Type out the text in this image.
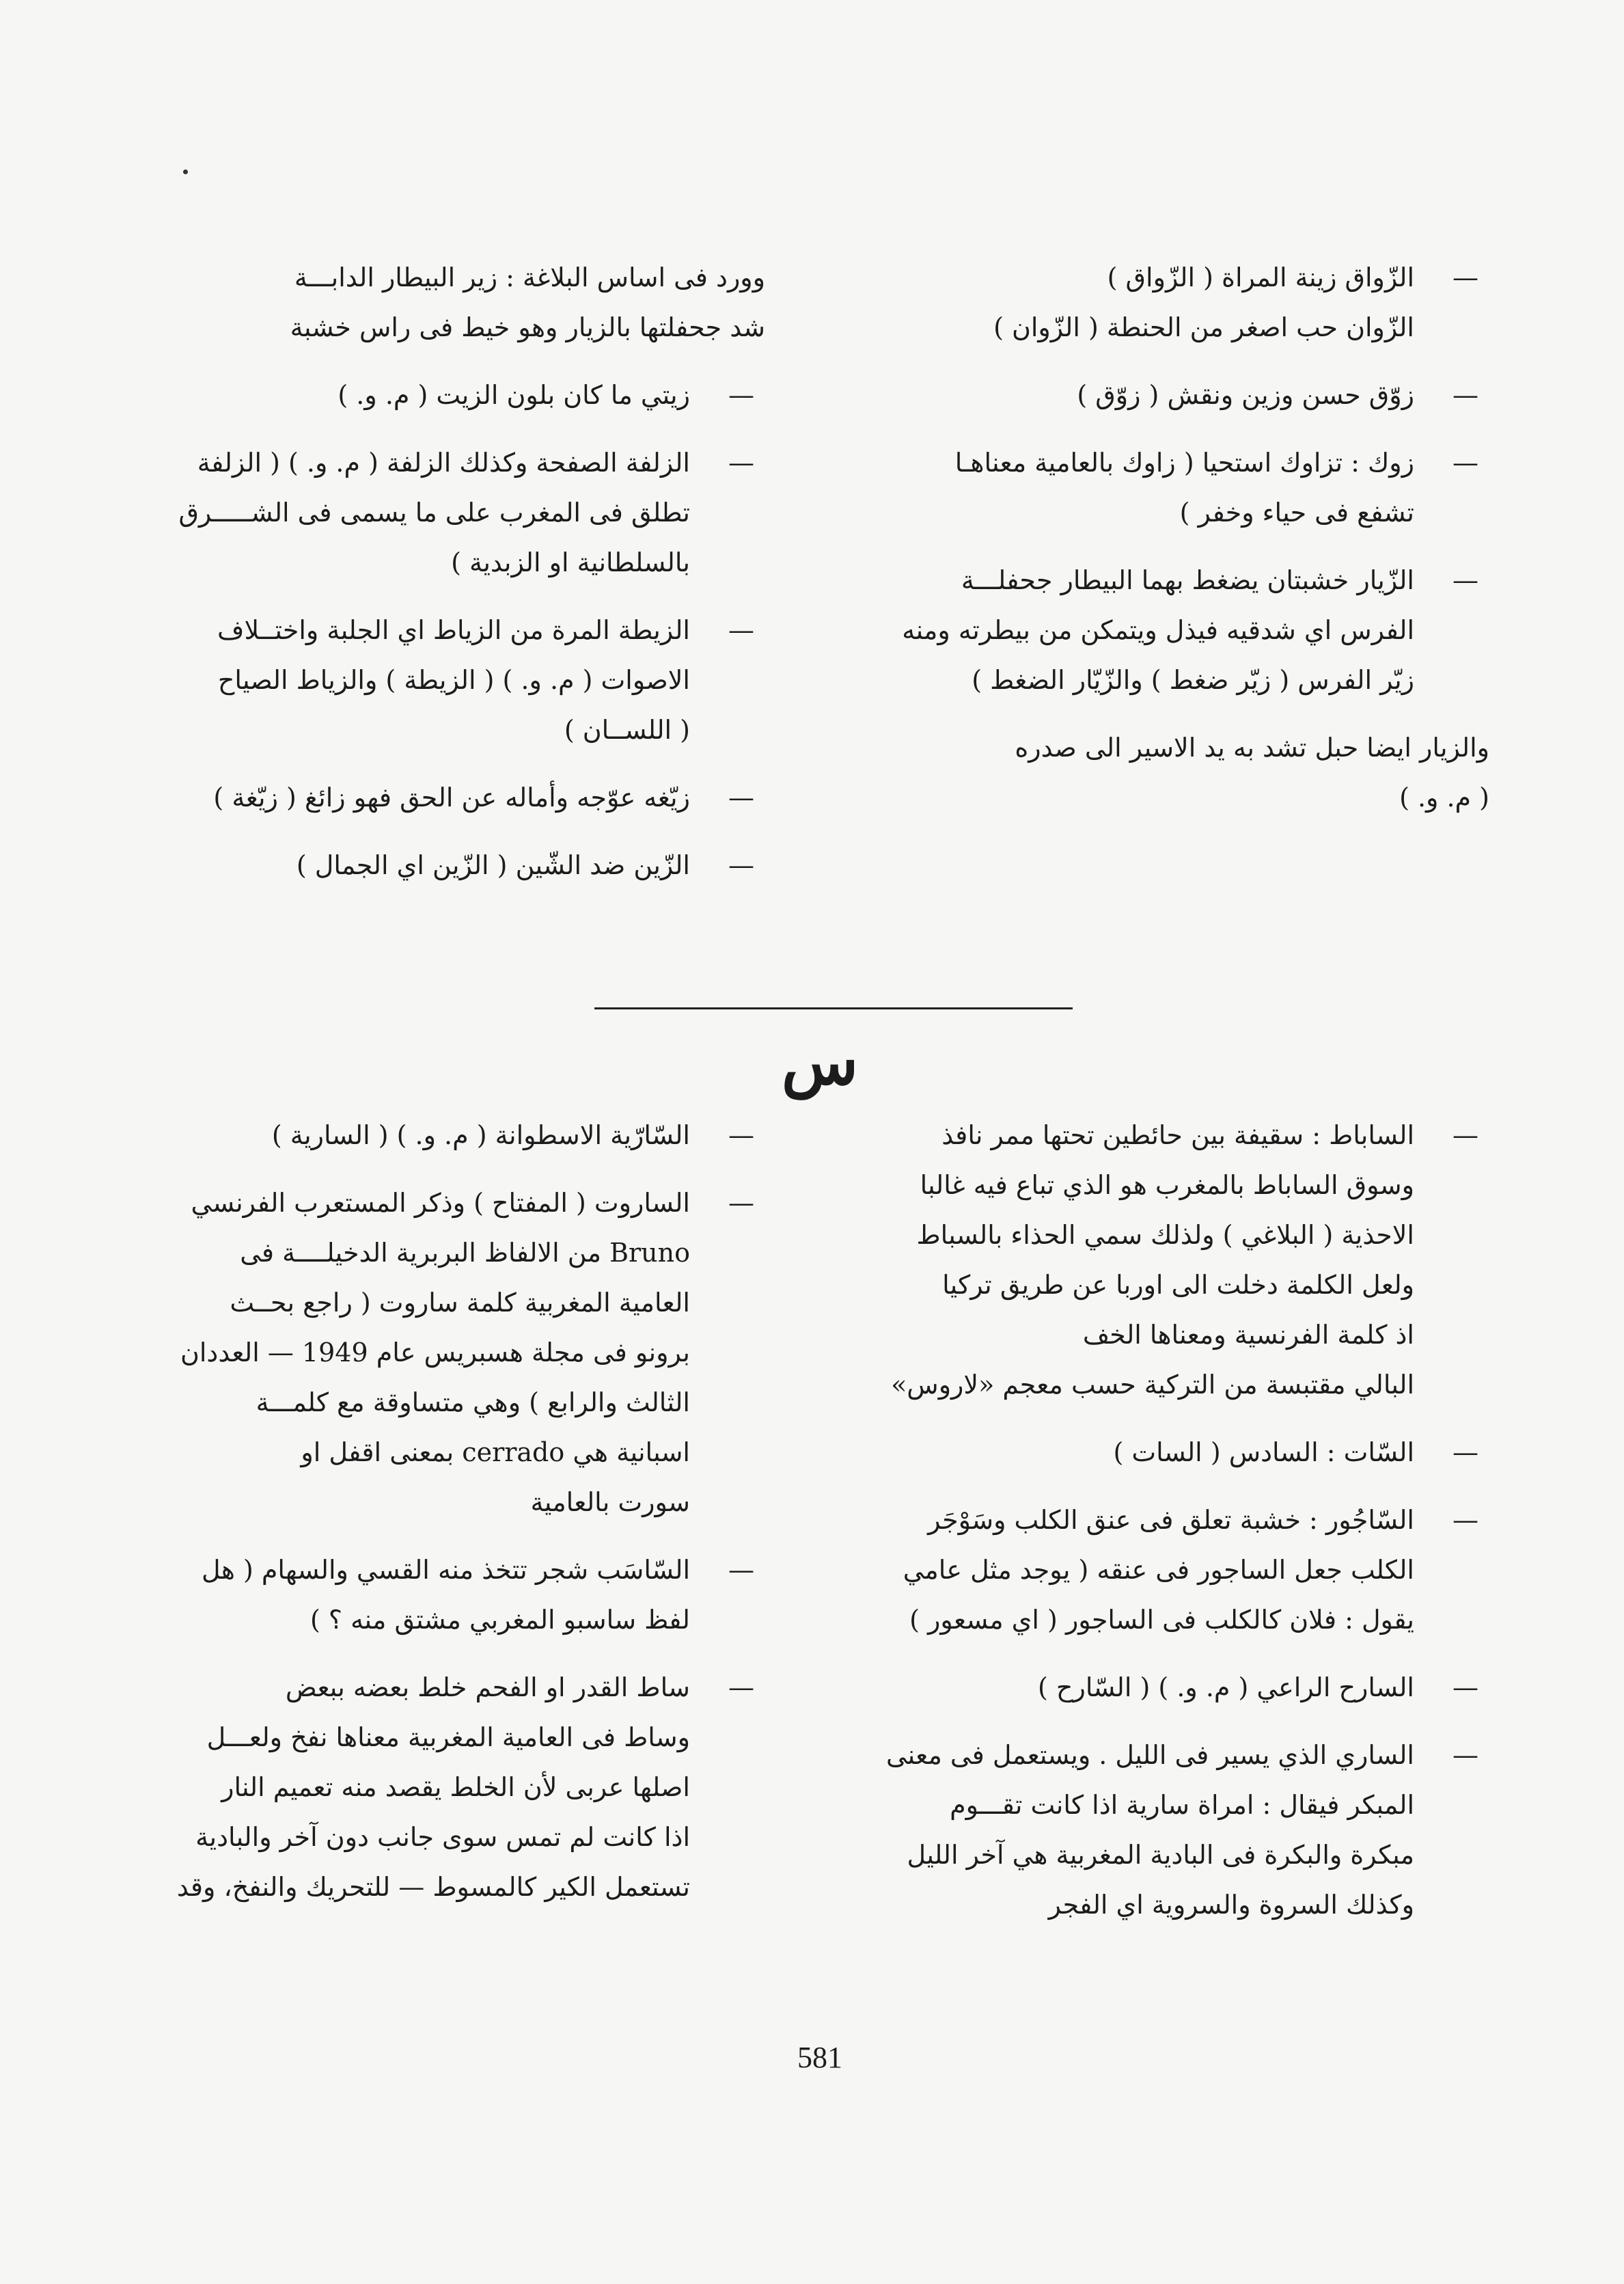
—
الزّواق زينة المراة ( الزّواق )
الزّوان حب اصغر من الحنطة ( الزّوان )
—
زوّق حسن وزين ونقش ( زوّق )
—
زوك : تزاوك استحيا ( زاوك بالعامية معناهـا
تشفع فى حياء وخفر )
—
الزّيار خشبتان يضغط بهما البيطار جحفلـــة
الفرس اي شدقيه فيذل ويتمكن من بيطرته ومنه
زيّر الفرس ( زيّر ضغط ) والزّيّار الضغط )
والزيار ايضا حبل تشد به يد الاسير الى صدره
( م. و. )
وورد فى اساس البلاغة : زير البيطار الدابـــة
شد جحفلتها بالزيار وهو خيط فى راس خشبة
—
زيتي ما كان بلون الزيت ( م. و. )
—
الزلفة الصفحة وكذلك الزلفة ( م. و. ) ( الزلفة
تطلق فى المغرب على ما يسمى فى الشـــــرق
بالسلطانية او الزبدية )
—
الزيطة المرة من الزياط اي الجلبة واختــلاف
الاصوات ( م. و. ) ( الزيطة ) والزياط الصياح
( اللســان )
—
زيّغه عوّجه وأماله عن الحق فهو زائغ ( زيّغة )
—
الزّين ضد الشّين ( الزّين اي الجمال )
س
—
الساباط : سقيفة بين حائطين تحتها ممر نافذ
وسوق الساباط بالمغرب هو الذي تباع فيه غالبا
الاحذية ( البلاغي ) ولذلك سمي الحذاء بالسباط
ولعل الكلمة دخلت الى اوربا عن طريق تركيا
اذ كلمة الفرنسية ومعناها الخف
البالي مقتبسة من التركية حسب معجم «لاروس»
—
السّات : السادس ( السات )
—
السّاجُور : خشبة تعلق فى عنق الكلب وسَوْجَر
الكلب جعل الساجور فى عنقه ( يوجد مثل عامي
يقول : فلان كالكلب فى الساجور ( اي مسعور )
—
السارح الراعي ( م. و. ) ( السّارح )
—
الساري الذي يسير فى الليل . ويستعمل فى معنى
المبكر فيقال : امراة سارية اذا كانت تقـــوم
مبكرة والبكرة فى البادية المغربية هي آخر الليل
وكذلك السروة والسروية اي الفجر
—
السّارّية الاسطوانة ( م. و. ) ( السارية )
—
الساروت ( المفتاح ) وذكر المستعرب الفرنسي
Bruno من الالفاظ البربرية الدخيلــــة فى
العامية المغربية كلمة ساروت ( راجع بحــث
برونو فى مجلة هسبريس عام 1949 — العددان
الثالث والرابع ) وهي متساوقة مع كلمـــة
اسبانية هي cerrado بمعنى اقفل او
سورت بالعامية
—
السّاسَب شجر تتخذ منه القسي والسهام ( هل
لفظ ساسبو المغربي مشتق منه ؟ )
—
ساط القدر او الفحم خلط بعضه ببعض
وساط فى العامية المغربية معناها نفخ ولعـــل
اصلها عربى لأن الخلط يقصد منه تعميم النار
اذا كانت لم تمس سوى جانب دون آخر والبادية
تستعمل الكير كالمسوط — للتحريك والنفخ، وقد
581
